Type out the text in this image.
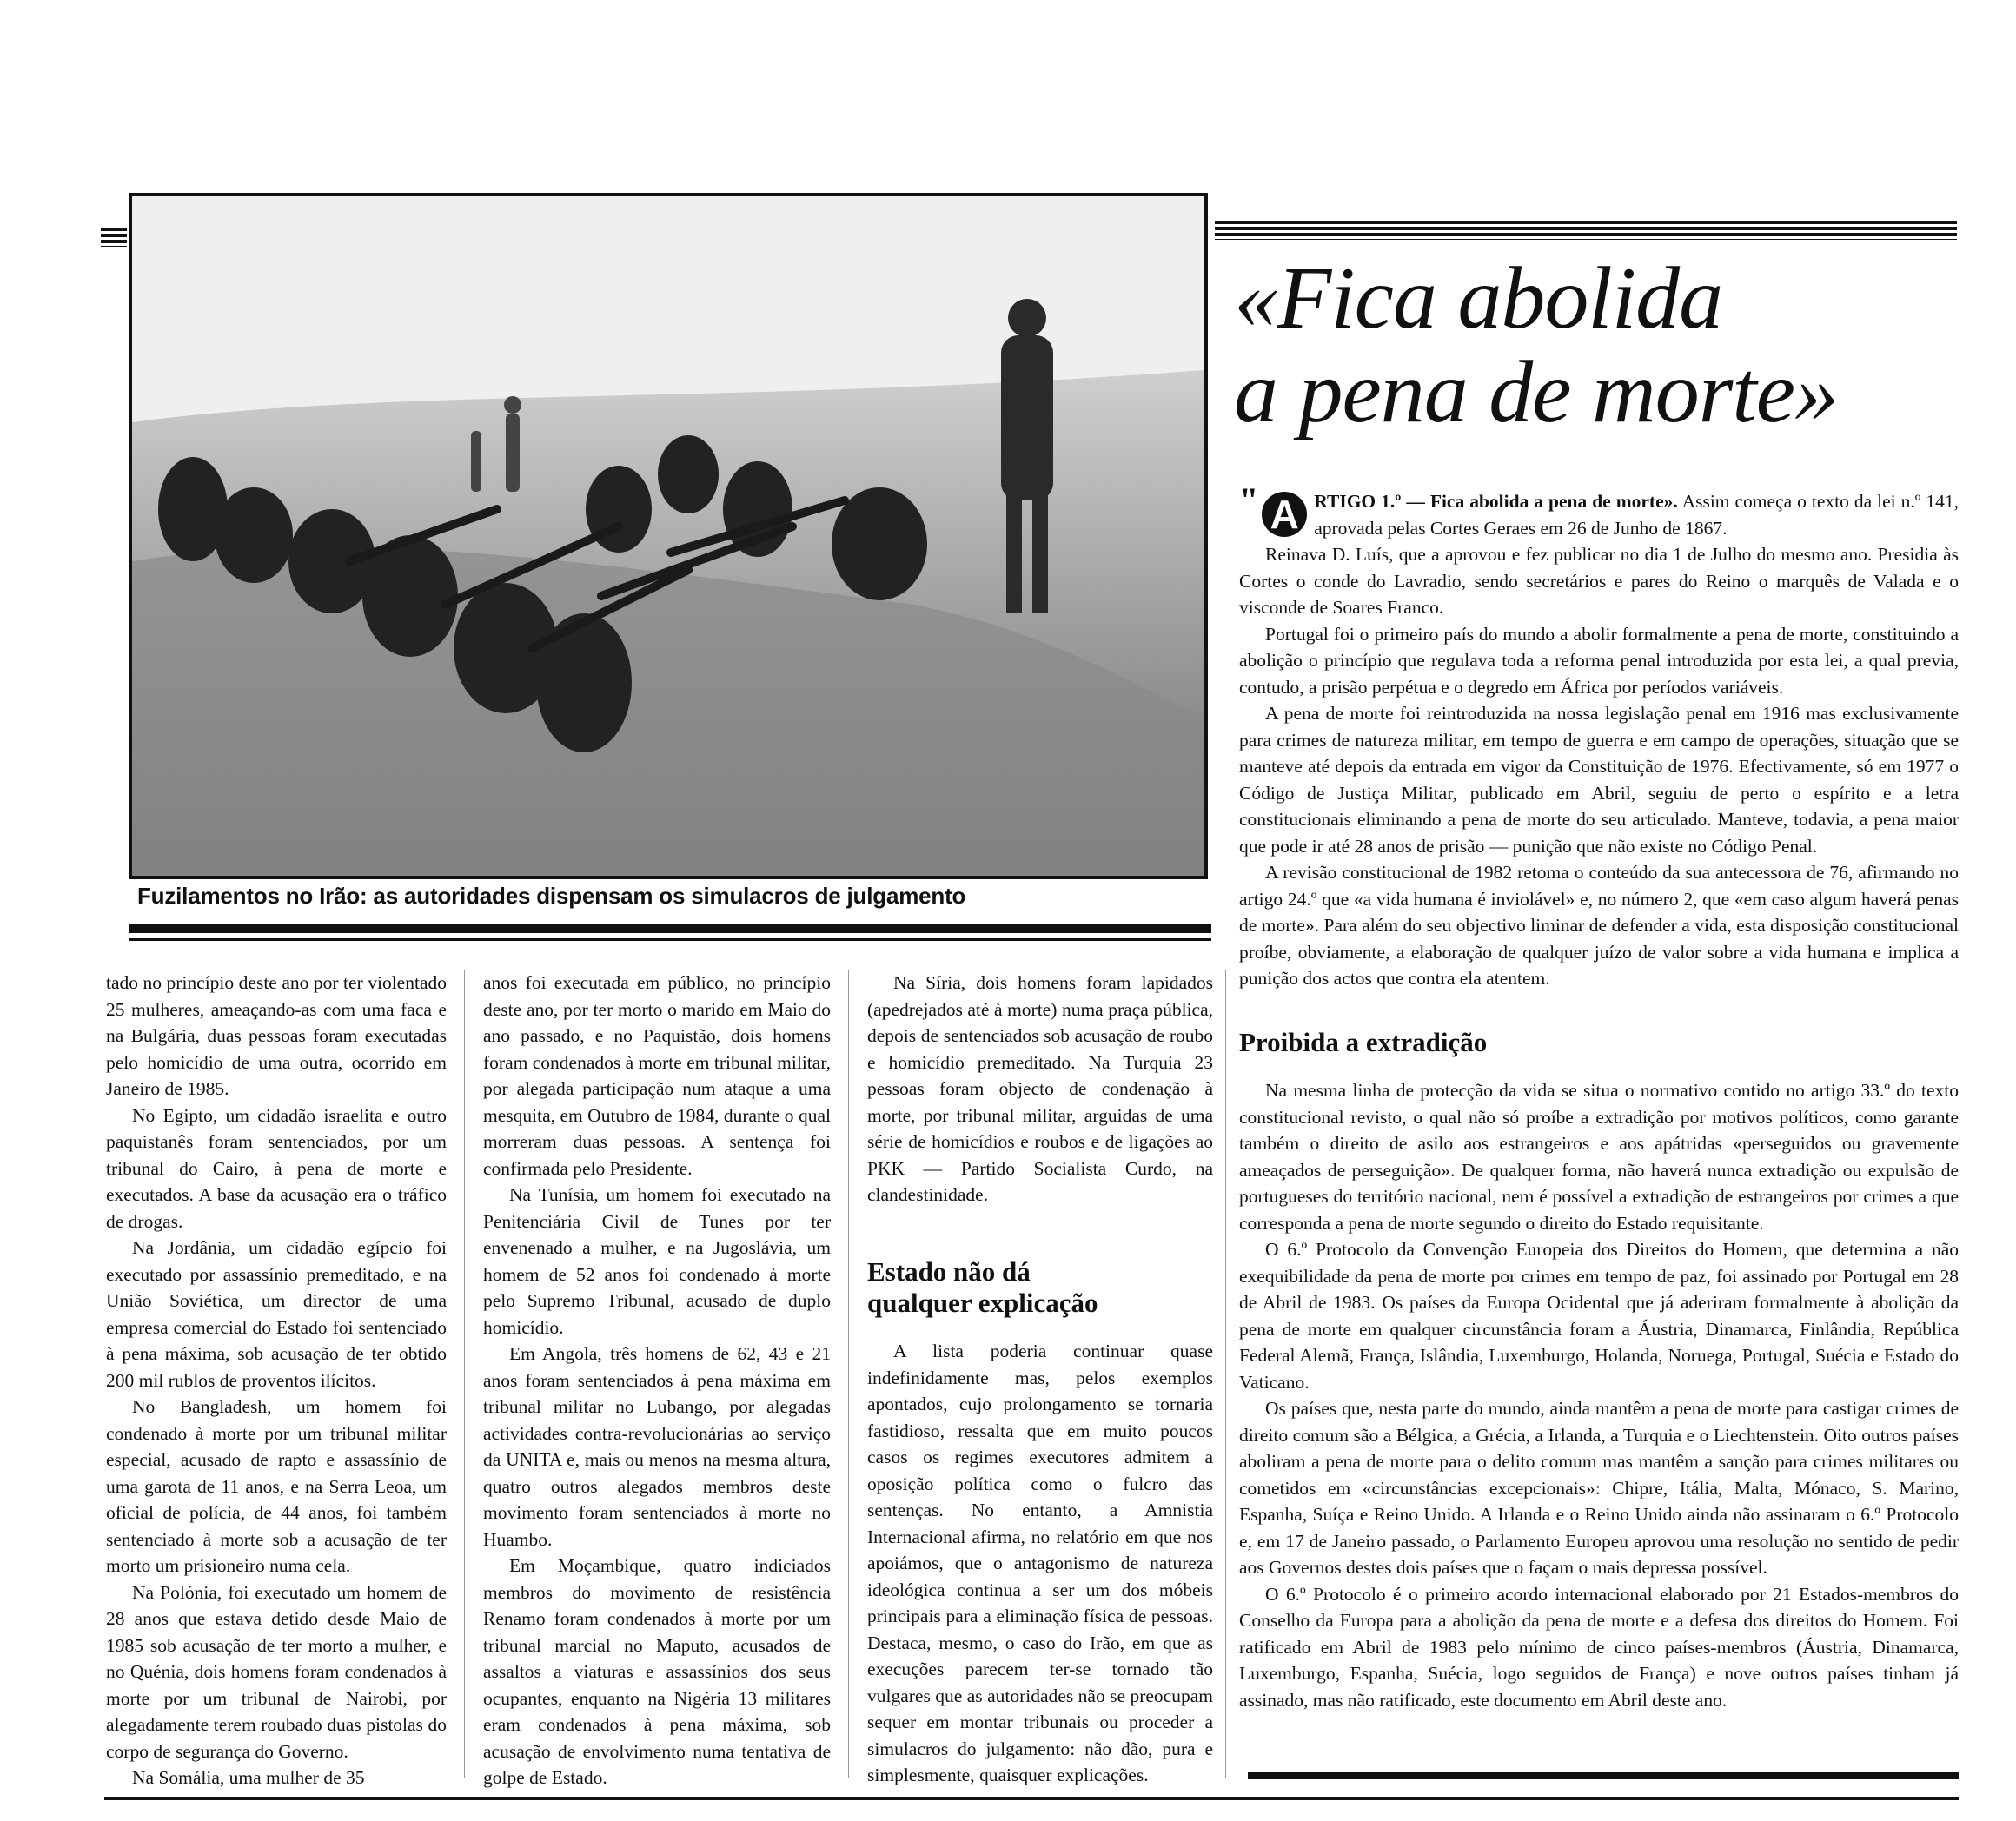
Fuzilamentos no Irão: as autoridades dispensam os simulacros de julgamento
«Fica abolida
a pena de morte»

tado no princípio deste ano por ter violentado 25 mulheres, ameaçando-as com uma faca e na Bulgária, duas pessoas foram executadas pelo homicídio de uma outra, ocorrido em Janeiro de 1985.

No Egipto, um cidadão israelita e outro paquistanês foram sentenciados, por um tribunal do Cairo, à pena de morte e executados. A base da acusação era o tráfico de drogas.

Na Jordânia, um cidadão egípcio foi executado por assassínio premeditado, e na União Soviética, um director de uma empresa comercial do Estado foi sentenciado à pena máxima, sob acusação de ter obtido 200 mil rublos de proventos ilícitos.

No Bangladesh, um homem foi condenado à morte por um tribunal militar especial, acusado de rapto e assassínio de uma garota de 11 anos, e na Serra Leoa, um oficial de polícia, de 44 anos, foi também sentenciado à morte sob a acusação de ter morto um prisioneiro numa cela.

Na Polónia, foi executado um homem de 28 anos que estava detido desde Maio de 1985 sob acusação de ter morto a mulher, e no Quénia, dois homens foram condenados à morte por um tribunal de Nairobi, por alegadamente terem roubado duas pistolas do corpo de segurança do Governo.

Na Somália, uma mulher de 35

anos foi executada em público, no princípio deste ano, por ter morto o marido em Maio do ano passado, e no Paquistão, dois homens foram condenados à morte em tribunal militar, por alegada participação num ataque a uma mesquita, em Outubro de 1984, durante o qual morreram duas pessoas. A sentença foi confirmada pelo Presidente.

Na Tunísia, um homem foi executado na Penitenciária Civil de Tunes por ter envenenado a mulher, e na Jugoslávia, um homem de 52 anos foi condenado à morte pelo Supremo Tribunal, acusado de duplo homicídio.

Em Angola, três homens de 62, 43 e 21 anos foram sentenciados à pena máxima em tribunal militar no Lubango, por alegadas actividades contra-revolucionárias ao serviço da UNITA e, mais ou menos na mesma altura, quatro outros alegados membros deste movimento foram sentenciados à morte no Huambo.

Em Moçambique, quatro indiciados membros do movimento de resistência Renamo foram condenados à morte por um tribunal marcial no Maputo, acusados de assaltos a viaturas e assassínios dos seus ocupantes, enquanto na Nigéria 13 militares eram condenados à pena máxima, sob acusação de envolvimento numa tentativa de golpe de Estado.

Na Síria, dois homens foram lapidados (apedrejados até à morte) numa praça pública, depois de sentenciados sob acusação de roubo e homicídio premeditado. Na Turquia 23 pessoas foram objecto de condenação à morte, por tribunal militar, arguidas de uma série de homicídios e roubos e de ligações ao PKK — Partido Socialista Curdo, na clandestinidade.

Estado não dá
qualquer explicação

A lista poderia continuar quase indefinidamente mas, pelos exemplos apontados, cujo prolongamento se tornaria fastidioso, ressalta que em muito poucos casos os regimes executores admitem a oposição política como o fulcro das sentenças. No entanto, a Amnistia Internacional afirma, no relatório em que nos apoiámos, que o antagonismo de natureza ideológica continua a ser um dos móbeis principais para a eliminação física de pessoas. Destaca, mesmo, o caso do Irão, em que as execuções parecem ter-se tornado tão vulgares que as autoridades não se preocupam sequer em montar tribunais ou proceder a simulacros do julgamento: não dão, pura e simplesmente, quaisquer explicações.

" A RTIGO 1.º — Fica abolida a pena de morte». Assim começa o texto da lei n.º 141, aprovada pelas Cortes Geraes em 26 de Junho de 1867.

Reinava D. Luís, que a aprovou e fez publicar no dia 1 de Julho do mesmo ano. Presidia às Cortes o conde do Lavradio, sendo secretários e pares do Reino o marquês de Valada e o visconde de Soares Franco.

Portugal foi o primeiro país do mundo a abolir formalmente a pena de morte, constituindo a abolição o princípio que regulava toda a reforma penal introduzida por esta lei, a qual previa, contudo, a prisão perpétua e o degredo em África por períodos variáveis.

A pena de morte foi reintroduzida na nossa legislação penal em 1916 mas exclusivamente para crimes de natureza militar, em tempo de guerra e em campo de operações, situação que se manteve até depois da entrada em vigor da Constituição de 1976. Efectivamente, só em 1977 o Código de Justiça Militar, publicado em Abril, seguiu de perto o espírito e a letra constitucionais eliminando a pena de morte do seu articulado. Manteve, todavia, a pena maior que pode ir até 28 anos de prisão — punição que não existe no Código Penal.

A revisão constitucional de 1982 retoma o conteúdo da sua antecessora de 76, afirmando no artigo 24.º que «a vida humana é inviolável» e, no número 2, que «em caso algum haverá penas de morte». Para além do seu objectivo liminar de defender a vida, esta disposição constitucional proíbe, obviamente, a elaboração de qualquer juízo de valor sobre a vida humana e implica a punição dos actos que contra ela atentem.

Proibida a extradição

Na mesma linha de protecção da vida se situa o normativo contido no artigo 33.º do texto constitucional revisto, o qual não só proíbe a extradição por motivos políticos, como garante também o direito de asilo aos estrangeiros e aos apátridas «perseguidos ou gravemente ameaçados de perseguição». De qualquer forma, não haverá nunca extradição ou expulsão de portugueses do território nacional, nem é possível a extradição de estrangeiros por crimes a que corresponda a pena de morte segundo o direito do Estado requisitante.

O 6.º Protocolo da Convenção Europeia dos Direitos do Homem, que determina a não exequibilidade da pena de morte por crimes em tempo de paz, foi assinado por Portugal em 28 de Abril de 1983. Os países da Europa Ocidental que já aderiram formalmente à abolição da pena de morte em qualquer circunstância foram a Áustria, Dinamarca, Finlândia, República Federal Alemã, França, Islândia, Luxemburgo, Holanda, Noruega, Portugal, Suécia e Estado do Vaticano.

Os países que, nesta parte do mundo, ainda mantêm a pena de morte para castigar crimes de direito comum são a Bélgica, a Grécia, a Irlanda, a Turquia e o Liechtenstein. Oito outros países aboliram a pena de morte para o delito comum mas mantêm a sanção para crimes militares ou cometidos em «circunstâncias excepcionais»: Chipre, Itália, Malta, Mónaco, S. Marino, Espanha, Suíça e Reino Unido. A Irlanda e o Reino Unido ainda não assinaram o 6.º Protocolo e, em 17 de Janeiro passado, o Parlamento Europeu aprovou uma resolução no sentido de pedir aos Governos destes dois países que o façam o mais depressa possível.

O 6.º Protocolo é o primeiro acordo internacional elaborado por 21 Estados-membros do Conselho da Europa para a abolição da pena de morte e a defesa dos direitos do Homem. Foi ratificado em Abril de 1983 pelo mínimo de cinco países-membros (Áustria, Dinamarca, Luxemburgo, Espanha, Suécia, logo seguidos de França) e nove outros países tinham já assinado, mas não ratificado, este documento em Abril deste ano.
